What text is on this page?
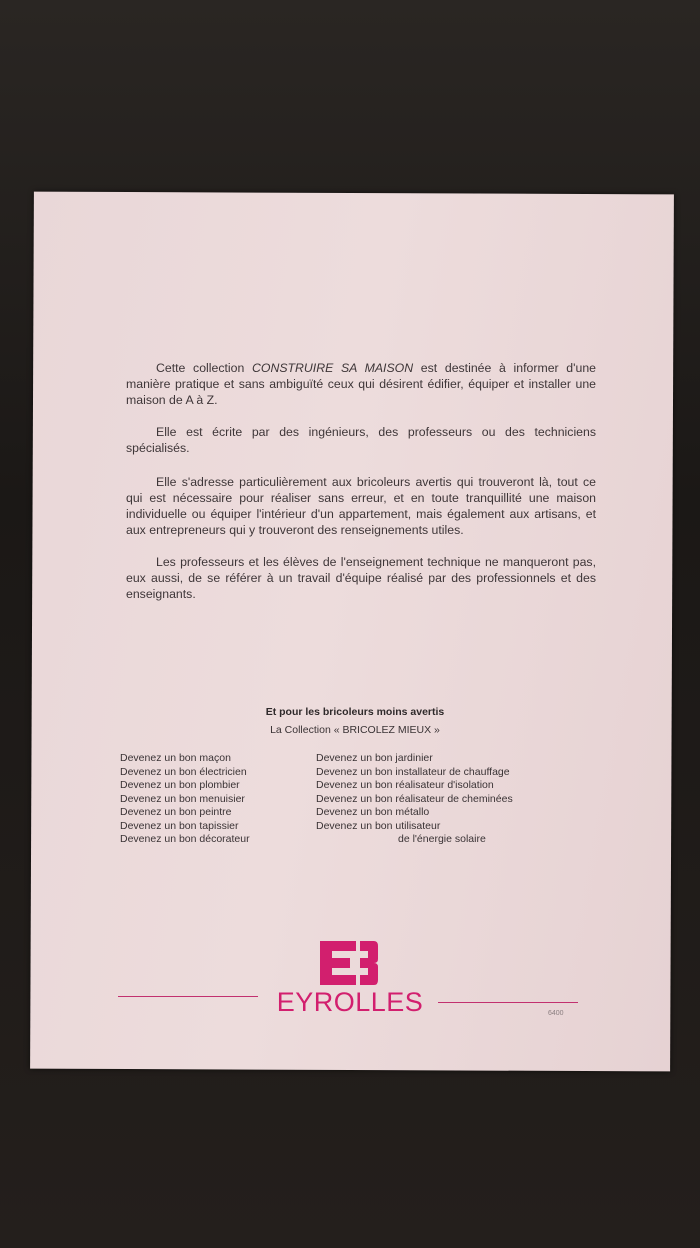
Cette collection CONSTRUIRE SA MAISON est destinée à informer d'une manière pratique et sans ambiguïté ceux qui désirent édifier, équiper et installer une maison de A à Z.

Elle est écrite par des ingénieurs, des professeurs ou des techniciens spécialisés.

Elle s'adresse particulièrement aux bricoleurs avertis qui trouveront là, tout ce qui est nécessaire pour réaliser sans erreur, et en toute tranquillité une maison individuelle ou équiper l'intérieur d'un appartement, mais également aux artisans, et aux entrepreneurs qui y trouveront des renseignements utiles.

Les professeurs et les élèves de l'enseignement technique ne manqueront pas, eux aussi, de se référer à un travail d'équipe réalisé par des professionnels et des enseignants.

Et pour les bricoleurs moins avertis
La Collection « BRICOLEZ MIEUX »
Devenez un bon maçon
Devenez un bon électricien
Devenez un bon plombier
Devenez un bon menuisier
Devenez un bon peintre
Devenez un bon tapissier
Devenez un bon décorateur
Devenez un bon jardinier
Devenez un bon installateur de chauffage
Devenez un bon réalisateur d'isolation
Devenez un bon réalisateur de cheminées
Devenez un bon métallo
Devenez un bon utilisateur
de l'énergie solaire
EYROLLES	6400
